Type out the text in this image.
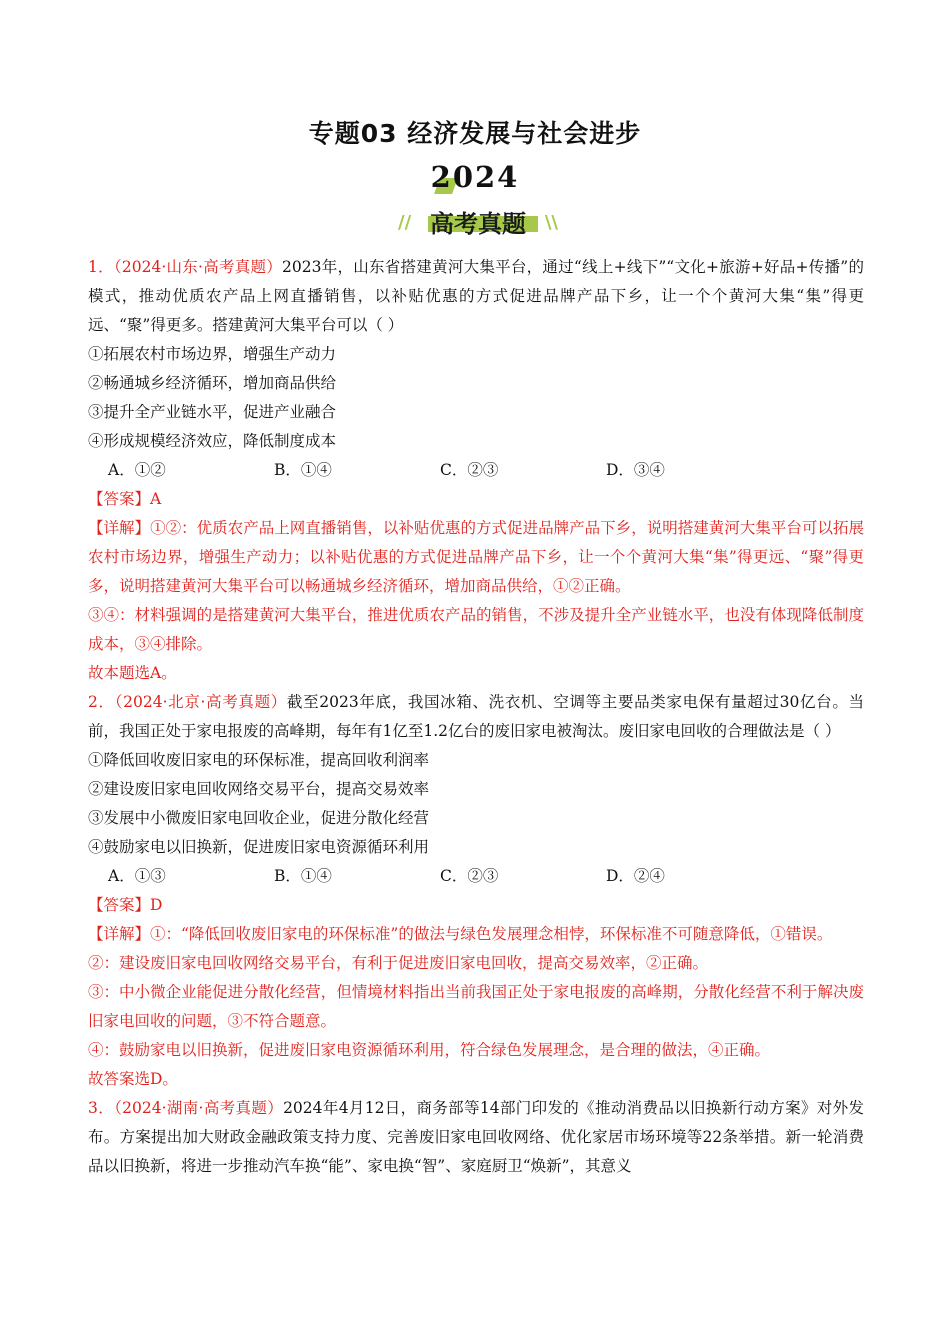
专题03 经济发展与社会进步
2024
// 高考真题	\\

1．（2024·山东·高考真题）2023年，山东省搭建黄河大集平台，通过“线上+线下”“文化+旅游+好品+传播”的模式，推动优质农产品上网直播销售，以补贴优惠的方式促进品牌产品下乡，让一个个黄河大集“集”得更远、“聚”得更多。搭建黄河大集平台可以（ ）

①拓展农村市场边界，增强生产动力

②畅通城乡经济循环，增加商品供给

③提升全产业链水平，促进产业融合

④形成规模经济效应，降低制度成本

A．①②	B．①④	C．②③	D．③④

【答案】A

【详解】①②：优质农产品上网直播销售，以补贴优惠的方式促进品牌产品下乡，说明搭建黄河大集平台可以拓展农村市场边界，增强生产动力；以补贴优惠的方式促进品牌产品下乡，让一个个黄河大集“集”得更远、“聚”得更多，说明搭建黄河大集平台可以畅通城乡经济循环，增加商品供给，①②正确。

③④：材料强调的是搭建黄河大集平台，推进优质农产品的销售，不涉及提升全产业链水平，也没有体现降低制度成本，③④排除。

故本题选A。

2．（2024·北京·高考真题）截至2023年底，我国冰箱、洗衣机、空调等主要品类家电保有量超过30亿台。当前，我国正处于家电报废的高峰期，每年有1亿至1.2亿台的废旧家电被淘汰。废旧家电回收的合理做法是（ ）

①降低回收废旧家电的环保标准，提高回收利润率

②建设废旧家电回收网络交易平台，提高交易效率

③发展中小微废旧家电回收企业，促进分散化经营

④鼓励家电以旧换新，促进废旧家电资源循环利用

A．①③	B．①④	C．②③	D．②④

【答案】D

【详解】①：“降低回收废旧家电的环保标准”的做法与绿色发展理念相悖，环保标准不可随意降低，①错误。

②：建设废旧家电回收网络交易平台，有利于促进废旧家电回收，提高交易效率，②正确。

③：中小微企业能促进分散化经营，但情境材料指出当前我国正处于家电报废的高峰期，分散化经营不利于解决废旧家电回收的问题，③不符合题意。

④：鼓励家电以旧换新，促进废旧家电资源循环利用，符合绿色发展理念，是合理的做法，④正确。

故答案选D。

3．（2024·湖南·高考真题）2024年4月12日，商务部等14部门印发的《推动消费品以旧换新行动方案》对外发布。方案提出加大财政金融政策支持力度、完善废旧家电回收网络、优化家居市场环境等22条举措。新一轮消费品以旧换新，将进一步推动汽车换“能”、家电换“智”、家庭厨卫“焕新”，其意义
